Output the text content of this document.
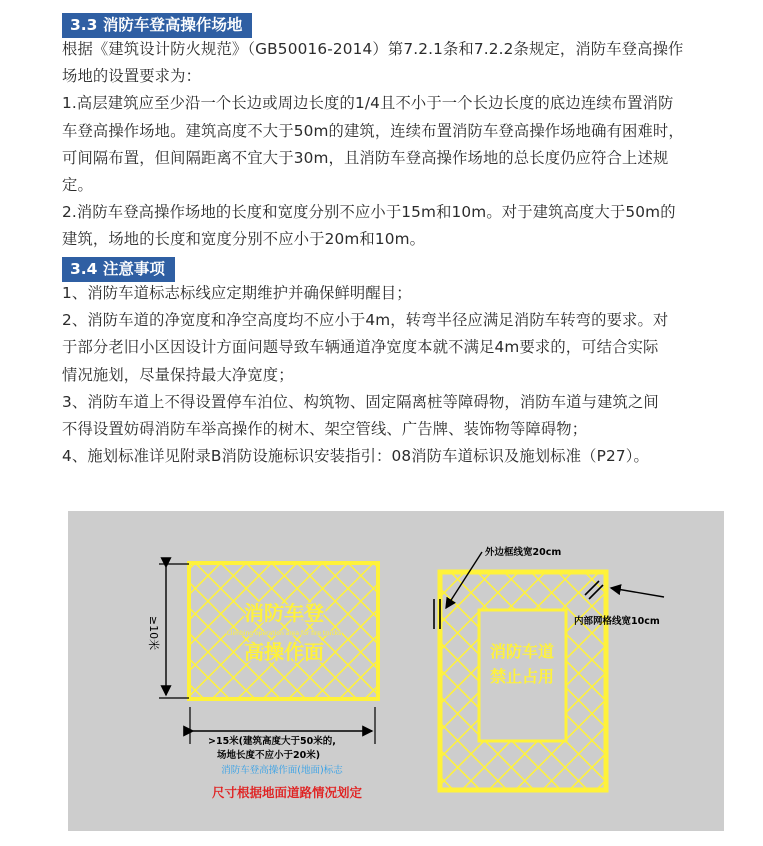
3.3 消防车登高操作场地

根据《建筑设计防火规范》（GB50016-2014）第7.2.1条和7.2.2条规定，消防车登高操作

场地的设置要求为：

1.高层建筑应至少沿一个长边或周边长度的1/4且不小于一个长边长度的底边连续布置消防

车登高操作场地。建筑高度不大于50m的建筑，连续布置消防车登高操作场地确有困难时，

可间隔布置，但间隔距离不宜大于30m，且消防车登高操作场地的总长度仍应符合上述规

定。

2.消防车登高操作场地的长度和宽度分别不应小于15m和10m。对于建筑高度大于50m的

建筑，场地的长度和宽度分别不应小于20m和10m。

3.4 注意事项

1、消防车道标志标线应定期维护并确保鲜明醒目；

2、消防车道的净宽度和净空高度均不应小于4m，转弯半径应满足消防车转弯的要求。对

于部分老旧小区因设计方面问题导致车辆通道净宽度本就不满足4m要求的，可结合实际

情况施划，尽量保持最大净宽度；

3、消防车道上不得设置停车泊位、构筑物、固定隔离桩等障碍物，消防车道与建筑之间

不得设置妨碍消防车举高操作的树木、架空管线、广告牌、装饰物等障碍物；

4、施划标准详见附录B消防设施标识安装指引：08消防车道标识及施划标准（P27）。

消防车登
Climbing operation area for fire trucks
高操作面
≥10米
>15米(建筑高度大于50米的,
场地长度不应小于20米)
消防车登高操作面(地面)标志
尺寸根据地面道路情况划定
消防车道
禁止占用
外边框线宽20cm
内部网格线宽10cm
